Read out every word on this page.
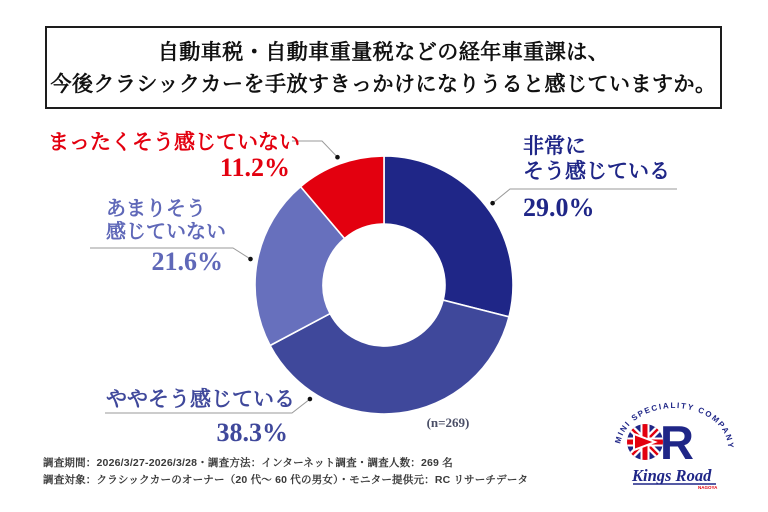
自動車税・自動車重量税などの経年車重課は、
今後クラシックカーを手放すきっかけになりうると感じていますか。
非常に
そう感じている
29.0%
ややそう感じている
38.3%
あまりそう
感じていない
21.6%
まったくそう感じていない
11.2%
(n=269)
調査期間：2026/3/27-2026/3/28・調査方法：インターネット調査・調査人数：269 名
調査対象：クラシックカーのオーナー（20 代～ 60 代の男女）・モニター提供元：RC リサーチデータ
MINI SPECIALITY COMPANY
R
Kings Road
NAGOYA
